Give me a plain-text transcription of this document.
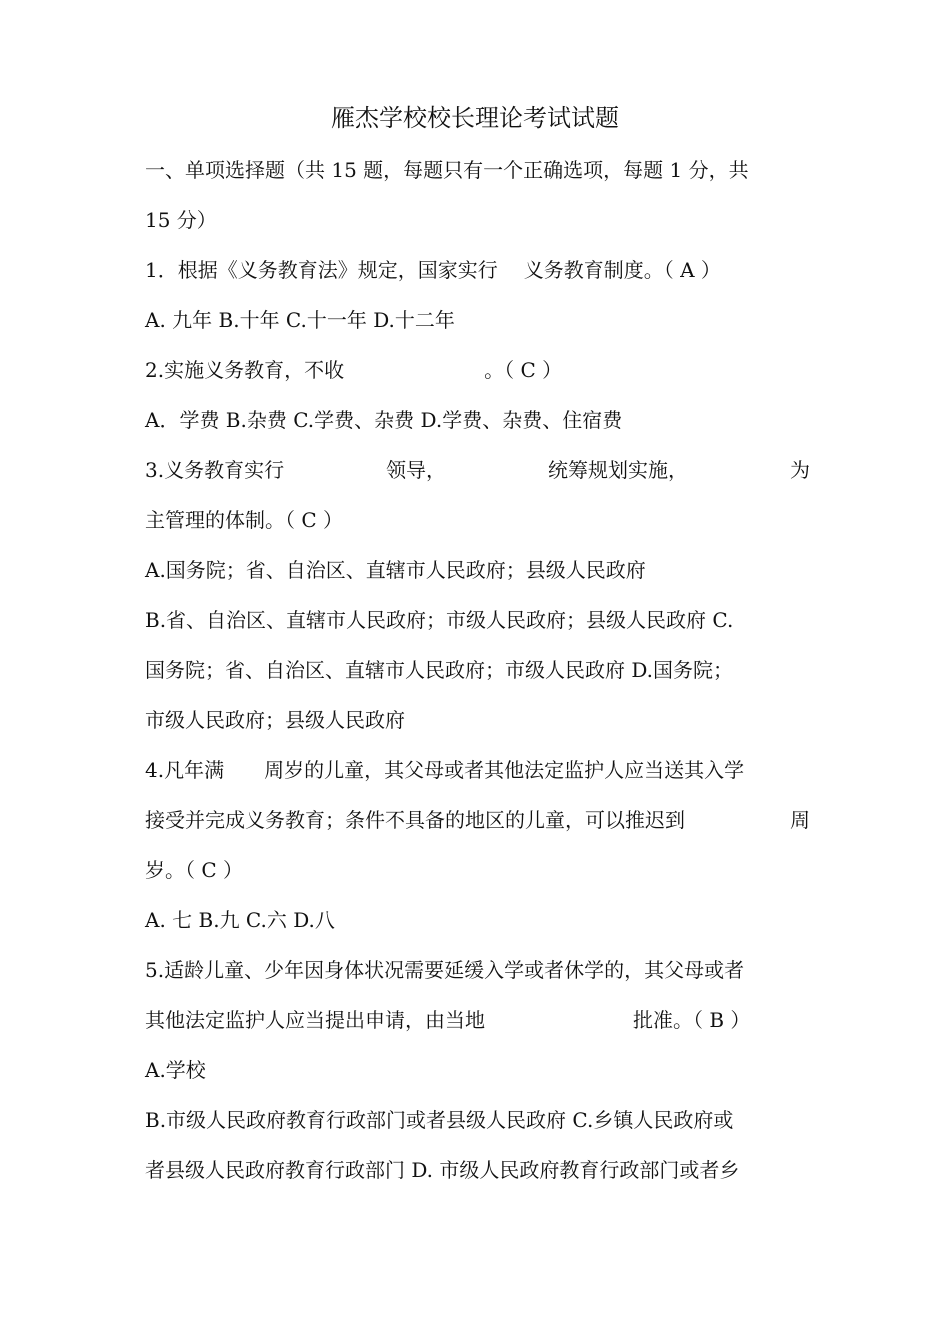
雁杰学校校长理论考试试题
一、单项选择题（共 15 题，每题只有一个正确选项，每题 1 分，共
15 分）
1．根据《义务教育法》规定，国家实行 义务教育制度。（ A ）
A. 九年 B.十年 C.十一年 D.十二年
2.实施义务教育，不收	。（ C ）
A．学费 B.杂费 C.学费、杂费 D.学费、杂费、住宿费
3.义务教育实行	领导，	统筹规划实施，	为
主管理的体制。（ C ）
A.国务院；省、自治区、直辖市人民政府；县级人民政府
B.省、自治区、直辖市人民政府；市级人民政府；县级人民政府 C.
国务院；省、自治区、直辖市人民政府；市级人民政府 D.国务院；
市级人民政府；县级人民政府
4.凡年满 周岁的儿童，其父母或者其他法定监护人应当送其入学
接受并完成义务教育；条件不具备的地区的儿童，可以推迟到	周
岁。（ C ）
A. 七 B.九 C.六 D.八
5.适龄儿童、少年因身体状况需要延缓入学或者休学的，其父母或者
其他法定监护人应当提出申请，由当地	批准。（ B ）
A.学校
B.市级人民政府教育行政部门或者县级人民政府 C.乡镇人民政府或
者县级人民政府教育行政部门 D. 市级人民政府教育行政部门或者乡
